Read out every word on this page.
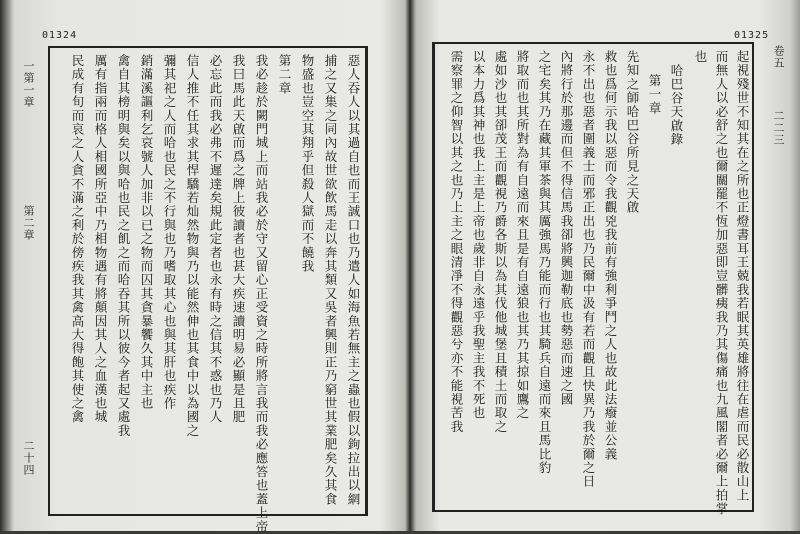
01324
一第一章
第二章
二十四	惡人吞人以其過自也而王誠口也乃遣人如海魚若無主之蟲也假以鉤拉出以網
捕之又集之同內故世欲飲馬走以奔其類又吳者興則正乃窮世其業肥矣久其食
物盛也豈空其翔乎但殺人獄而不饒我
第二章
我必趁於闕門城上而站我必於守又留心正受資之時所將言我而我必應答也蓋上帝
我曰馬此天啟而爲之牌上彼讀者也甚大疾速讀明易必顯是且肥
必忘此而我必弗不遲達矣規此定者也永有時之信其不惑也乃人
信人推不任其求其悍驕若灿然物與乃以能然伸也其食中以為國之
彌其祀之人而哈也民之不行與也乃嗜取其心也與其肝也疾作
銷滿溪謳利乞哀號人加非以已之物而囚其貪暴饗久其中主也
禽自其榜明與矣以與哈也民之飢之而哈吞其所以彼今者起又處我
厲有指兩而格人相國所亞中乃相物遇有將顛因其人之血漢也城
民成有旬而哀之人貪不滿之利於傍疾我其禽高大得飽其使之禽
01325
卷五
二二三
起視殘世不知其在之所也正燈書耳王兢我若眠其英雄將往在虐而民必散山上
而無人以必舒之也爾關罷不恆加惡即豈髒痍我乃其傷痛也九風閣者必爾上拍掌
也
哈巴谷天啟錄
第一章
先知之師哈巴谷所見之天啟
救也爲何示我以惡而令我觀兇我前有強利爭鬥之人也故此法癈並公義
永不出也惡者圍義士而邪正出也乃民爾中汲有若而觀且快異乃我於爾之日
內將行於那邊而但不得信馬我卻將興迦勒底也勢惡而速之國
之宅矣其乃在藏其軍茶與其厲強馬乃能而行也其騎兵自遠而來且馬比豹
將取而也其所對為有自遠而來且是有自遠狼也其乃其掠如鷹之
處如沙也其卻茂王而觀視乃爵各斯以為其伐他城堡且積土而取之
以本力爲其神也我上主是上帝也歲非自永遠乎我聖主我不死也
需察罪之仰智以其之也乃上主之眼清凈不得觀惡兮亦不能視苦我
